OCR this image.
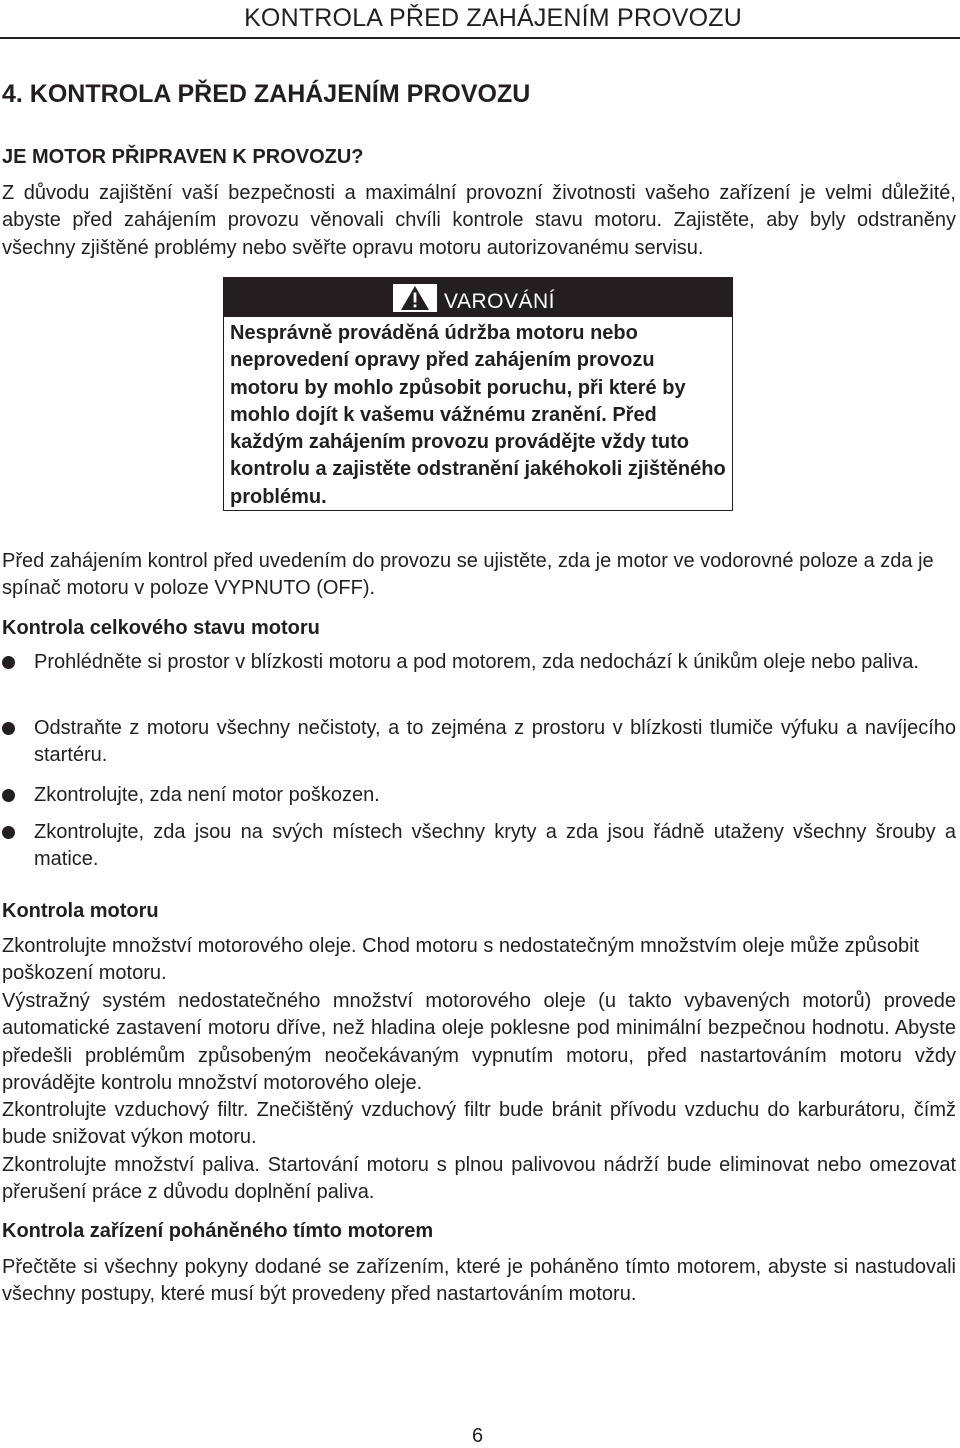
KONTROLA PŘED ZAHÁJENÍM PROVOZU
4. KONTROLA PŘED ZAHÁJENÍM PROVOZU
JE MOTOR PŘIPRAVEN K PROVOZU?

Z důvodu zajištění vaší bezpečnosti a maximální provozní životnosti vašeho zařízení je velmi důležité, abyste před zahájením provozu věnovali chvíli kontrole stavu motoru. Zajistěte, aby byly odstraněny všechny zjištěné problémy nebo svěřte opravu motoru autorizovanému servisu.

VAROVÁNÍ

Nesprávně prováděná údržba motoru nebo neprovedení opravy před zahájením provozu motoru by mohlo způsobit poruchu, při které by mohlo dojít k vašemu vážnému zranění. Před každým zahájením provozu provádějte vždy tuto kontrolu a zajistěte odstranění jakéhokoli zjištěného problému.

Před zahájením kontrol před uvedením do provozu se ujistěte, zda je motor ve vodorovné poloze a zda je spínač motoru v poloze VYPNUTO (OFF).

Kontrola celkového stavu motoru

Prohlédněte si prostor v blízkosti motoru a pod motorem, zda nedochází k únikům oleje nebo paliva.

Odstraňte z motoru všechny nečistoty, a to zejména z prostoru v blízkosti tlumiče výfuku a navíjecího startéru.

Zkontrolujte, zda není motor poškozen.

Zkontrolujte, zda jsou na svých místech všechny kryty a zda jsou řádně utaženy všechny šrouby a matice.

Kontrola motoru

Zkontrolujte množství motorového oleje. Chod motoru s nedostatečným množstvím oleje může způsobit poškození motoru.

Výstražný systém nedostatečného množství motorového oleje (u takto vybavených motorů) provede automatické zastavení motoru dříve, než hladina oleje poklesne pod minimální bezpečnou hodnotu. Abyste předešli problémům způsobeným neočekávaným vypnutím motoru, před nastartováním motoru vždy provádějte kontrolu množství motorového oleje.

Zkontrolujte vzduchový filtr. Znečištěný vzduchový filtr bude bránit přívodu vzduchu do karburátoru, čímž bude snižovat výkon motoru.

Zkontrolujte množství paliva. Startování motoru s plnou palivovou nádrží bude eliminovat nebo omezovat přerušení práce z důvodu doplnění paliva.

Kontrola zařízení poháněného tímto motorem

Přečtěte si všechny pokyny dodané se zařízením, které je poháněno tímto motorem, abyste si nastudovali všechny postupy, které musí být provedeny před nastartováním motoru.

6
